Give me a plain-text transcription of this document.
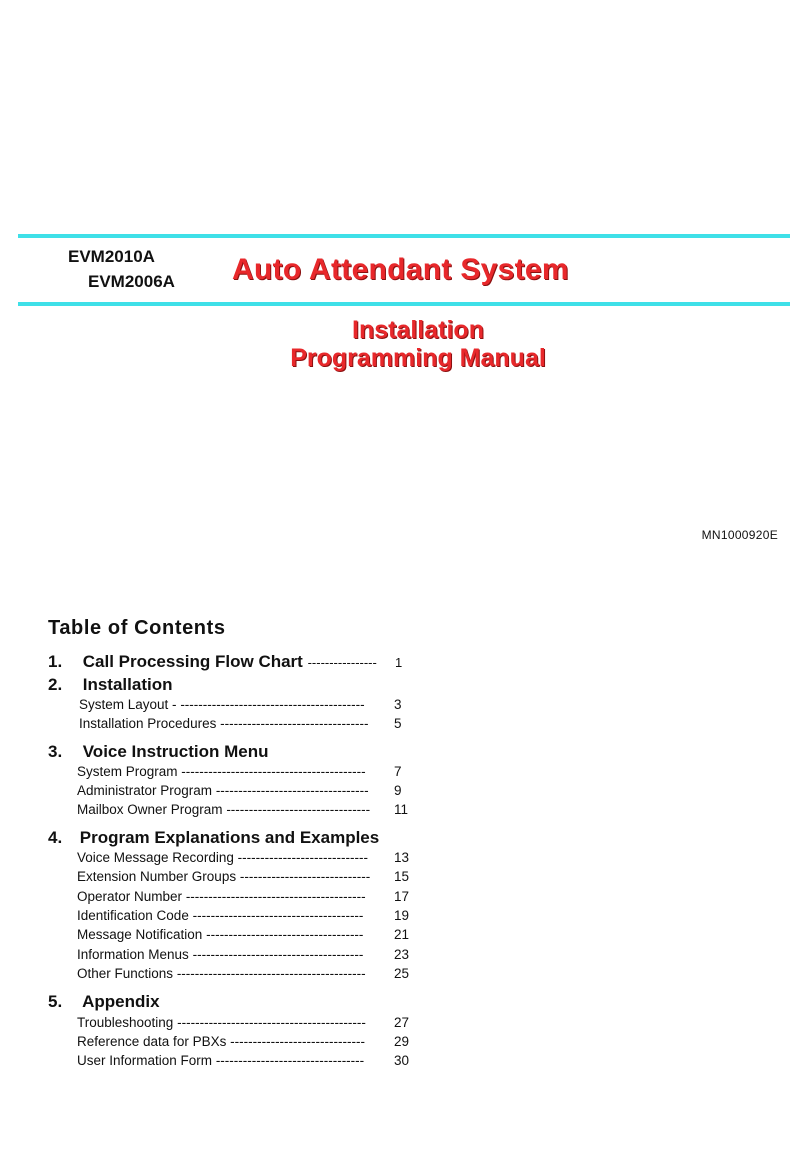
EVM2010A
EVM2006A Auto Attendant System
Installation
Programming Manual
MN1000920E
Table of Contents
1. Call Processing Flow Chart ---------------- 1
2. Installation
System Layout - -----------------------------------------	3
Installation Procedures ---------------------------------	5
3. Voice Instruction Menu
System Program -----------------------------------------	7
Administrator Program ----------------------------------	9
Mailbox Owner Program --------------------------------	11
4. Program Explanations and Examples
Voice Message Recording -----------------------------	13
Extension Number Groups -----------------------------	15
Operator Number ----------------------------------------	17
Identification Code --------------------------------------	19
Message Notification -----------------------------------	21
Information Menus --------------------------------------	23
Other Functions ------------------------------------------	25
5. Appendix
Troubleshooting ------------------------------------------	27
Reference data for PBXs ------------------------------	29
User Information Form ---------------------------------	30
